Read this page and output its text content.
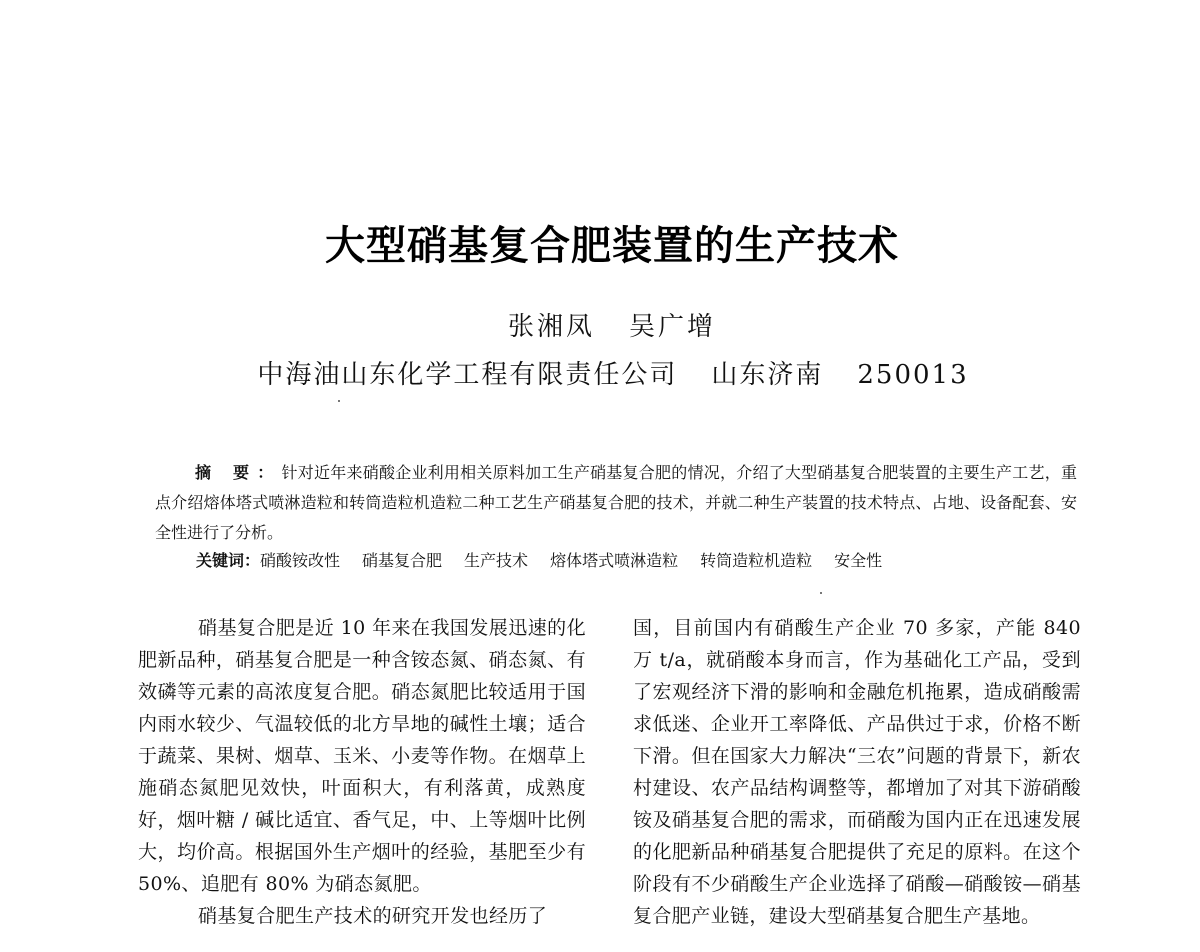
大型硝基复合肥装置的生产技术
张湘凤 吴广增
中海油山东化学工程有限责任公司 山东济南 250013
摘 要：针对近年来硝酸企业利用相关原料加工生产硝基复合肥的情况，介绍了大型硝基复合肥装置的主要生产工艺，重点介绍熔体塔式喷淋造粒和转筒造粒机造粒二种工艺生产硝基复合肥的技术，并就二种生产装置的技术特点、占地、设备配套、安全性进行了分析。
关键词：硝酸铵改性 硝基复合肥 生产技术 熔体塔式喷淋造粒 转筒造粒机造粒 安全性

硝基复合肥是近 10 年来在我国发展迅速的化肥新品种，硝基复合肥是一种含铵态氮、硝态氮、有效磷等元素的高浓度复合肥。硝态氮肥比较适用于国内雨水较少、气温较低的北方旱地的碱性土壤；适合于蔬菜、果树、烟草、玉米、小麦等作物。在烟草上施硝态氮肥见效快，叶面积大，有利落黄，成熟度好，烟叶糖 / 碱比适宜、香气足，中、上等烟叶比例大，均价高。根据国外生产烟叶的经验，基肥至少有 50%、追肥有 80% 为硝态氮肥。

硝基复合肥生产技术的研究开发也经历了

国，目前国内有硝酸生产企业 70 多家，产能 840 万 t/a，就硝酸本身而言，作为基础化工产品，受到了宏观经济下滑的影响和金融危机拖累，造成硝酸需求低迷、企业开工率降低、产品供过于求，价格不断下滑。但在国家大力解决“三农”问题的背景下，新农村建设、农产品结构调整等，都增加了对其下游硝酸铵及硝基复合肥的需求，而硝酸为国内正在迅速发展的化肥新品种硝基复合肥提供了充足的原料。在这个阶段有不少硝酸生产企业选择了硝酸—硝酸铵—硝基复合肥产业链，建设大型硝基复合肥生产基地。
